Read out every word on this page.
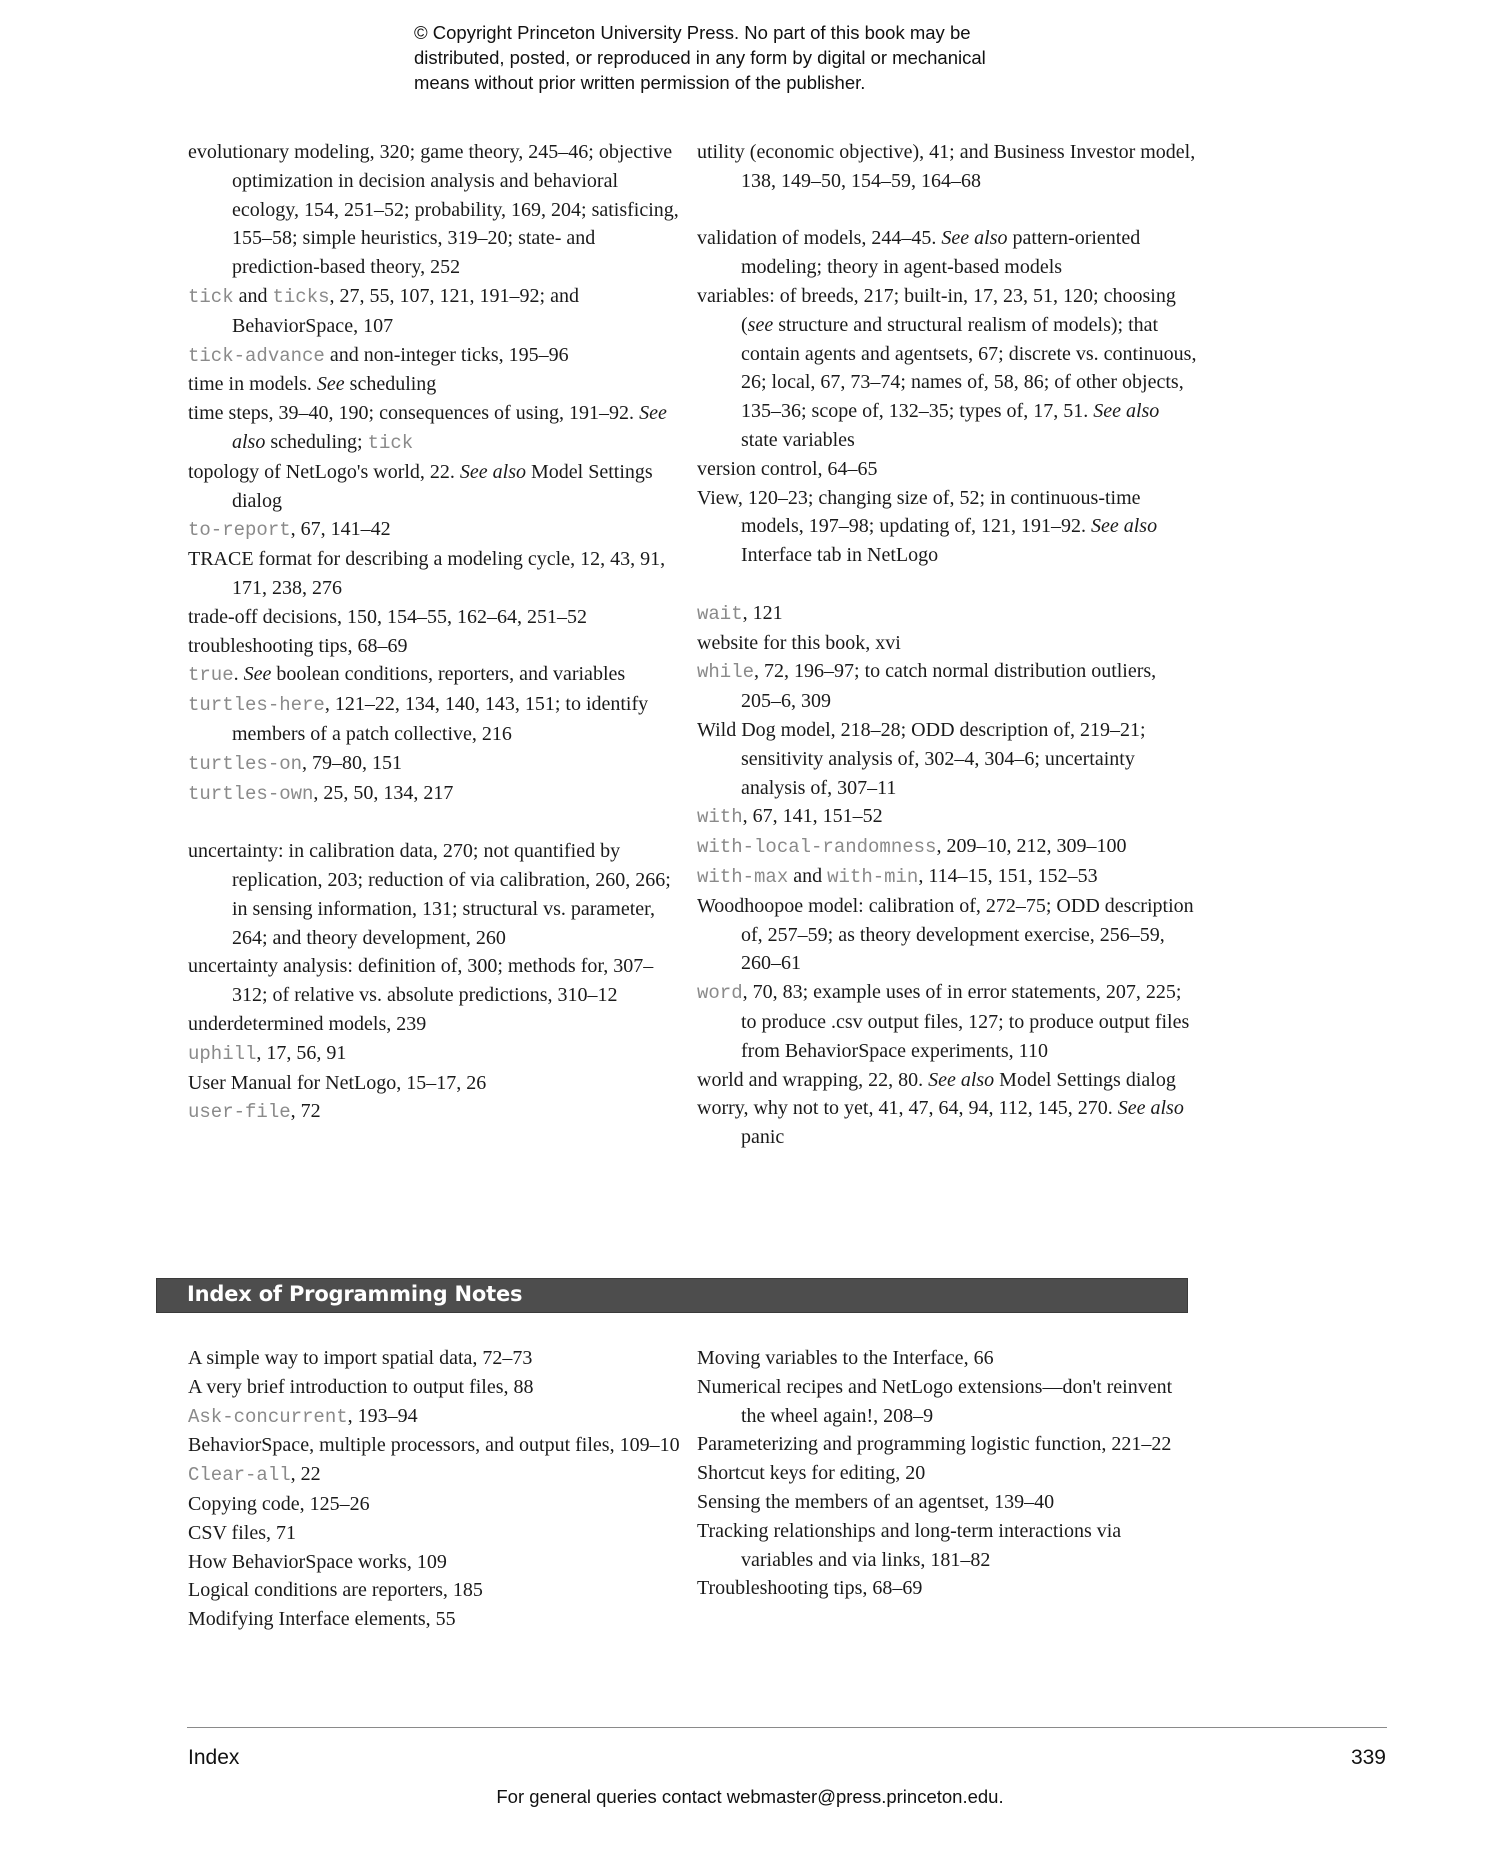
© Copyright Princeton University Press. No part of this book may be
distributed, posted, or reproduced in any form by digital or mechanical
means without prior written permission of the publisher.
evolutionary modeling, 320; game theory, 245–46; objective optimization in decision analysis and behavioral ecology, 154, 251–52; probability, 169, 204; satisficing, 155–58; simple heuristics, 319–20; state- and prediction-based theory, 252
tick and ticks, 27, 55, 107, 121, 191–92; and BehaviorSpace, 107
tick-advance and non-integer ticks, 195–96
time in models. See scheduling
time steps, 39–40, 190; consequences of using, 191–92. See also scheduling; tick
topology of NetLogo's world, 22. See also Model Settings dialog
to-report, 67, 141–42
TRACE format for describing a modeling cycle, 12, 43, 91, 171, 238, 276
trade-off decisions, 150, 154–55, 162–64, 251–52
troubleshooting tips, 68–69
true. See boolean conditions, reporters, and variables
turtles-here, 121–22, 134, 140, 143, 151; to identify members of a patch collective, 216
turtles-on, 79–80, 151
turtles-own, 25, 50, 134, 217
uncertainty: in calibration data, 270; not quantified by replication, 203; reduction of via calibration, 260, 266; in sensing information, 131; structural vs. parameter, 264; and theory development, 260
uncertainty analysis: definition of, 300; methods for, 307–312; of relative vs. absolute predictions, 310–12
underdetermined models, 239
uphill, 17, 56, 91
User Manual for NetLogo, 15–17, 26
user-file, 72
utility (economic objective), 41; and Business Investor model, 138, 149–50, 154–59, 164–68
validation of models, 244–45. See also pattern-oriented modeling; theory in agent-based models
variables: of breeds, 217; built-in, 17, 23, 51, 120; choosing (see structure and structural realism of models); that contain agents and agentsets, 67; discrete vs. continuous, 26; local, 67, 73–74; names of, 58, 86; of other objects, 135–36; scope of, 132–35; types of, 17, 51. See also state variables
version control, 64–65
View, 120–23; changing size of, 52; in continuous-time models, 197–98; updating of, 121, 191–92. See also Interface tab in NetLogo
wait, 121
website for this book, xvi
while, 72, 196–97; to catch normal distribution outliers, 205–6, 309
Wild Dog model, 218–28; ODD description of, 219–21; sensitivity analysis of, 302–4, 304–6; uncertainty analysis of, 307–11
with, 67, 141, 151–52
with-local-randomness, 209–10, 212, 309–100
with-max and with-min, 114–15, 151, 152–53
Woodhoopoe model: calibration of, 272–75; ODD description of, 257–59; as theory development exercise, 256–59, 260–61
word, 70, 83; example uses of in error statements, 207, 225; to produce .csv output files, 127; to produce output files from BehaviorSpace experiments, 110
world and wrapping, 22, 80. See also Model Settings dialog
worry, why not to yet, 41, 47, 64, 94, 112, 145, 270. See also panic
Index of Programming Notes
A simple way to import spatial data, 72–73
A very brief introduction to output files, 88
Ask-concurrent, 193–94
BehaviorSpace, multiple processors, and output files, 109–10
Clear-all, 22
Copying code, 125–26
CSV files, 71
How BehaviorSpace works, 109
Logical conditions are reporters, 185
Modifying Interface elements, 55
Moving variables to the Interface, 66
Numerical recipes and NetLogo extensions—don't reinvent the wheel again!, 208–9
Parameterizing and programming logistic function, 221–22
Shortcut keys for editing, 20
Sensing the members of an agentset, 139–40
Tracking relationships and long-term interactions via variables and via links, 181–82
Troubleshooting tips, 68–69
Index	339
For general queries contact webmaster@press.princeton.edu.
